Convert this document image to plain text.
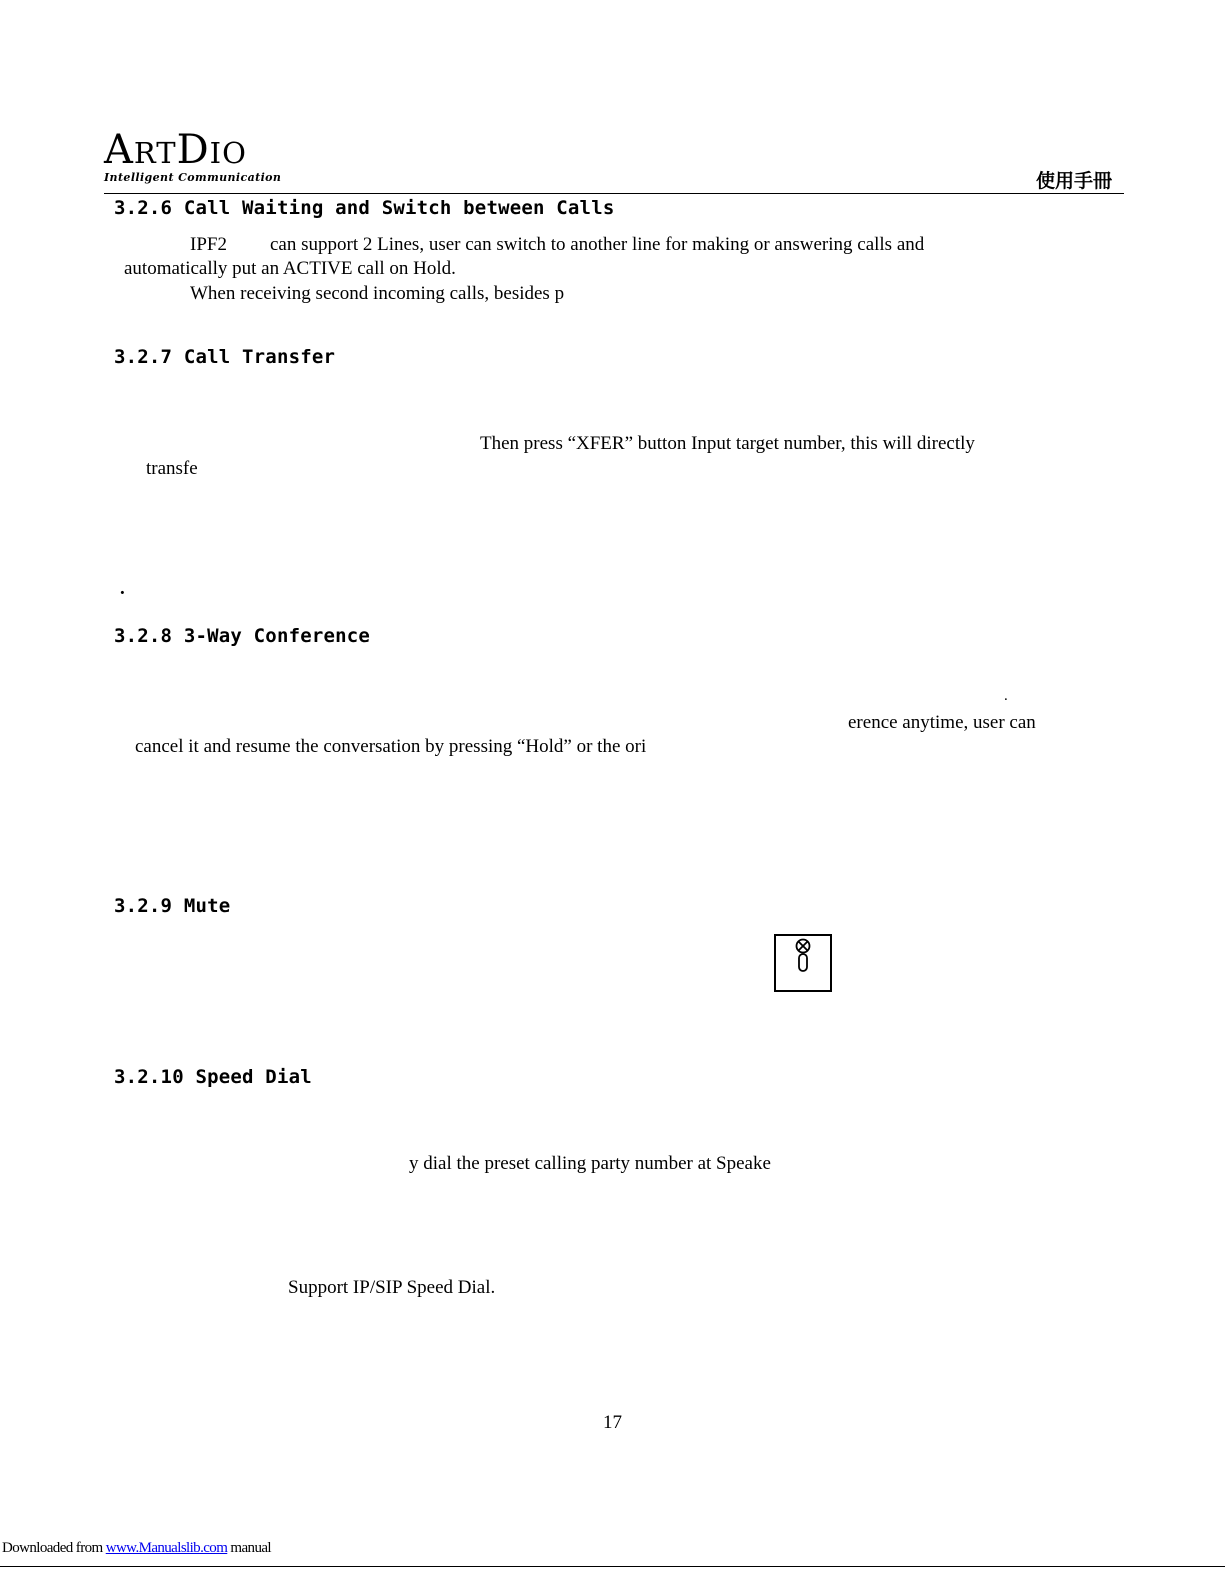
ARTDIO
Intelligent Communication	使用手冊
3.2.6 Call Waiting and Switch between Calls
IPF2 can support 2 Lines, user can switch to another line for making or answering calls and
automatically put an ACTIVE call on Hold.
When receiving second incoming calls, besides p
3.2.7 Call Transfer
Then press “XFER” button Input target number, this will directly
transfe
.
3.2.8 3-Way Conference
.
erence anytime, user can
cancel it and resume the conversation by pressing “Hold” or the ori
3.2.9 Mute
3.2.10 Speed Dial
y dial the preset calling party number at Speake
Support IP/SIP Speed Dial.
17
Downloaded from www.Manualslib.com manual
